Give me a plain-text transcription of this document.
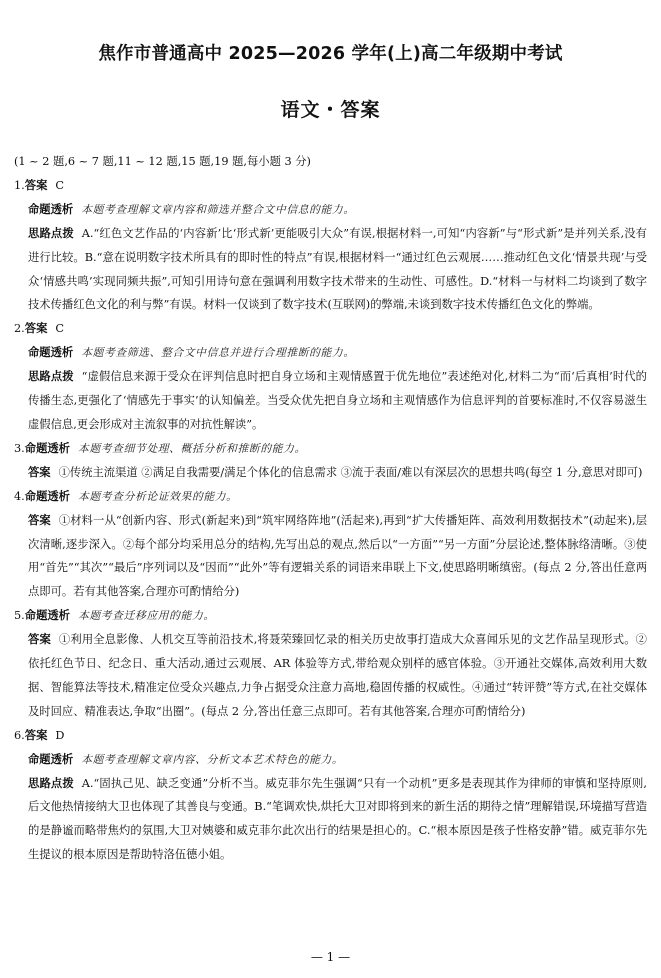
焦作市普通高中 2025—2026 学年(上)高二年级期中考试
语文・答案
(1 ~ 2 题,6 ~ 7 题,11 ~ 12 题,15 题,19 题,每小题 3 分)
1.答案 C
命题透析 本题考查理解文章内容和筛选并整合文中信息的能力。
思路点拨 A.“红色文艺作品的‘内容新’比‘形式新’更能吸引大众”有误,根据材料一,可知“内容新”与“形式新”是并列关系,没有进行比较。B.“意在说明数字技术所具有的即时性的特点”有误,根据材料一“通过红色云观展……推动红色文化‘情景共现’与受众‘情感共鸣’实现同频共振”,可知引用诗句意在强调利用数字技术带来的生动性、可感性。D.“材料一与材料二均谈到了数字技术传播红色文化的利与弊”有误。材料一仅谈到了数字技术(互联网)的弊端,未谈到数字技术传播红色文化的弊端。
2.答案 C
命题透析 本题考查筛选、整合文中信息并进行合理推断的能力。
思路点拨 “虚假信息来源于受众在评判信息时把自身立场和主观情感置于优先地位”表述绝对化,材料二为“而‘后真相’时代的传播生态,更强化了‘情感先于事实’的认知偏差。当受众优先把自身立场和主观情感作为信息评判的首要标准时,不仅容易滋生虚假信息,更会形成对主流叙事的对抗性解读”。
3.命题透析 本题考查细节处理、概括分析和推断的能力。
答案 ①传统主流渠道 ②满足自我需要/满足个体化的信息需求 ③流于表面/难以有深层次的思想共鸣(每空 1 分,意思对即可)
4.命题透析 本题考查分析论证效果的能力。
答案 ①材料一从“创新内容、形式(新起来)到“筑牢网络阵地”(活起来),再到“扩大传播矩阵、高效利用数据技术”(动起来),层次清晰,逐步深入。②每个部分均采用总分的结构,先写出总的观点,然后以“一方面”“另一方面”分层论述,整体脉络清晰。③使用“首先”“其次”“最后”序列词以及“因而”“此外”等有逻辑关系的词语来串联上下文,使思路明晰缜密。(每点 2 分,答出任意两点即可。若有其他答案,合理亦可酌情给分)
5.命题透析 本题考查迁移应用的能力。
答案 ①利用全息影像、人机交互等前沿技术,将聂荣臻回忆录的相关历史故事打造成大众喜闻乐见的文艺作品呈现形式。②依托红色节日、纪念日、重大活动,通过云观展、AR 体验等方式,带给观众别样的感官体验。③开通社交媒体,高效利用大数据、智能算法等技术,精准定位受众兴趣点,力争占据受众注意力高地,稳固传播的权威性。④通过“转评赞”等方式,在社交媒体及时回应、精准表达,争取“出圈”。(每点 2 分,答出任意三点即可。若有其他答案,合理亦可酌情给分)
6.答案 D
命题透析 本题考查理解文章内容、分析文本艺术特色的能力。
思路点拨 A.“固执己见、缺乏变通”分析不当。威克菲尔先生强调“只有一个动机”更多是表现其作为律师的审慎和坚持原则,后文他热情接纳大卫也体现了其善良与变通。B.“笔调欢快,烘托大卫对即将到来的新生活的期待之情”理解错误,环境描写营造的是静谧而略带焦灼的氛围,大卫对姨婆和威克菲尔此次出行的结果是担心的。C.“根本原因是孩子性格安静”错。威克菲尔先生提议的根本原因是帮助特洛伍德小姐。
— 1 —
